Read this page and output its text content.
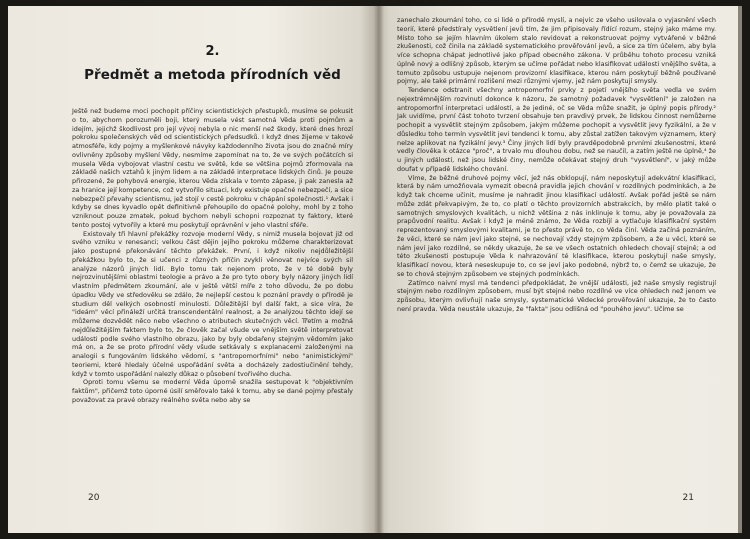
2.
Předmět a metoda přírodních věd

Ještě než budeme moci pochopit příčiny scientistických přestupků, musíme se pokusit o to, abychom porozuměli boji, který musela vést samotná Věda proti pojmům a idejím, jejichž škodlivost pro její vývoj nebyla o nic menší než škody, které dnes hrozí pokroku společenských věd od scientistických předsudků. I když dnes žijeme v takové atmosféře, kdy pojmy a myšlenkové návyky každodenního života jsou do značné míry ovlivněny způsoby myšlení Vědy, nesmíme zapomínat na to, že ve svých počátcích si musela Věda vybojovat vlastní cestu ve světě, kde se většina pojmů zformovala na základě našich vztahů k jiným lidem a na základě interpretace lidských činů. Je pouze přirozené, že pohybová energie, kterou Věda získala v tomto zápase, ji pak zanesla až za hranice její kompetence, což vytvořilo situaci, kdy existuje opačné nebezpečí, a sice nebezpečí převahy scientismu, jež stojí v cestě pokroku v chápání společnosti.¹ Avšak i kdyby se dnes kyvadlo opět definitivně přehoupilo do opačné polohy, mohl by z toho vzniknout pouze zmatek, pokud bychom nebyli schopni rozpoznat ty faktory, které tento postoj vytvořily a které mu poskytují oprávnění v jeho vlastní sféře.

Existovaly tři hlavní překážky rozvoje moderní Vědy, s nimiž musela bojovat již od svého vzniku v renesanci; velkou část dějin jejího pokroku můžeme charakterizovat jako postupné překonávání těchto překážek. První, i když nikoliv nejdůležitější překážkou bylo to, že si učenci z různých příčin zvykli věnovat nejvíce svých sil analýze názorů jiných lidí. Bylo tomu tak nejenom proto, že v té době byly nejrozvinutějšími oblastmi teologie a právo a že pro tyto obory byly názory jiných lidí vlastním předmětem zkoumání, ale v ještě větší míře z toho důvodu, že po dobu úpadku Vědy ve středověku se zdálo, že nejlepší cestou k poznání pravdy o přírodě je studium děl velkých osobností minulosti. Důležitější byl další fakt, a sice víra, že "ideám" věcí přináleží určitá transcendentální realnost, a že analýzou těchto idejí se můžeme dozvědět něco nebo všechno o atributech skutečných věcí. Třetím a možná nejdůležitějším faktem bylo to, že člověk začal všude ve vnějším světě interpretovat události podle svého vlastního obrazu, jako by byly obdařeny stejným vědomím jako má on, a že se proto přírodní vědy všude setkávaly s explanacemi založenými na analogii s fungováním lidského vědomí, s "antropomorfními" nebo "animistickými" teoriemi, které hledaly účelné uspořádání světa a docházely zadostiučinění tehdy, když v tomto uspořádání nalezly důkaz o působení tvořivého ducha.

Oproti tomu všemu se moderní Věda úporně snažila sestupovat k "objektivním faktům", přičemž toto úporné úsilí směřovalo také k tomu, aby se dané pojmy přestaly považovat za pravé obrazy reálného světa nebo aby se

20

zanechalo zkoumání toho, co si lidé o přírodě myslí, a nejvíc ze všeho usilovala o vyjasnění všech teorií, které předstíraly vysvětlení jevů tím, že jim připisovaly řídící rozum, stejný jako máme my. Místo toho se jejím hlavním úkolem stalo revidovat a rekonstruovat pojmy vytvářené v běžné zkušenosti, což činila na základě systematického prověřování jevů, a sice za tím účelem, aby byla více schopna chápat jednotlivé jako případ obecného zákona. V průběhu tohoto procesu vzniká úplně nový a odlišný způsob, kterým se učíme pořádat nebo klasifikovat události vnějšího světa, a tomuto způsobu ustupuje nejenom provizorní klasifikace, kterou nám poskytují běžně používané pojmy, ale také primární rozlišení mezi různými vjemy, jež nám poskytují smysly.

Tendence odstranit všechny antropomorfní prvky z pojetí vnějšího světa vedla ve svém nejextrémnějším rozvinutí dokonce k názoru, že samotný požadavek "vysvětlení" je založen na antropomorfní interpretaci událostí, a že jediné, oč se Věda může snažit, je úplný popis přírody.² Jak uvidíme, první část tohoto tvrzení obsahuje ten pravdivý prvek, že lidskou činnost nemůžeme pochopit a vysvětlit stejným způsobem, jakým můžeme pochopit a vysvětlit jevy fyzikální, a že v důsledku toho termín vysvětlit jevi tendenci k tomu, aby zůstal zatížen takovým významem, který nelze aplikovat na fyzikální jevy.³ Činy jiných lidí byly pravděpodobně prvními zkušenostmi, které vedly člověka k otázce "proč", a trvalo mu dlouhou dobu, než se naučil, a zatím ještě ne úplně,⁴ že u jiných událostí, než jsou lidské činy, nemůže očekávat stejný druh "vysvětlení", v jaký může doufat v případě lidského chování.

Víme, že běžné druhové pojmy věcí, jež nás obklopují, nám neposkytují adekvátní klasifikaci, která by nám umožňovala vymezit obecná pravidla jejich chování v rozdílných podmínkách, a že když tak chceme učinit, musíme je nahradit jinou klasifikací událostí. Avšak pořád ještě se nám může zdát překvapivým, že to, co platí o těchto provizorních abstrakcích, by mělo platit také o samotných smyslových kvalitách, u nichž většina z nás inklinuje k tomu, aby je považovala za prapůvodní realitu. Avšak i když je méně známo, že Věda rozbíjí a vytlačuje klasifikační systém reprezentovaný smyslovými kvalitami, je to přesto právě to, co Věda činí. Věda začíná poznáním, že věci, které se nám jeví jako stejné, se nechovají vždy stejným způsobem, a že u věcí, které se nám jeví jako rozdílné, se někdy ukazuje, že se ve všech ostatních ohledech chovají stejně; a od této zkušenosti postupuje Věda k nahrazování té klasifikace, kterou poskytují naše smysly, klasifikací novou, která neseskupuje to, co se jeví jako podobné, nýbrž to, o čemž se ukazuje, že se to chová stejným způsobem ve stejných podmínkách.

Zatímco naivní mysl má tendenci předpokládat, že vnější události, jež naše smysly registrují stejným nebo rozdílným způsobem, musí být stejné nebo rozdílné ve více ohledech než jenom ve způsobu, kterým ovlivňují naše smysly, systematické Vědecké prověřování ukazuje, že to často není pravda. Věda neustále ukazuje, že "fakta" jsou odlišná od "pouhého jevu". Učíme se

21
